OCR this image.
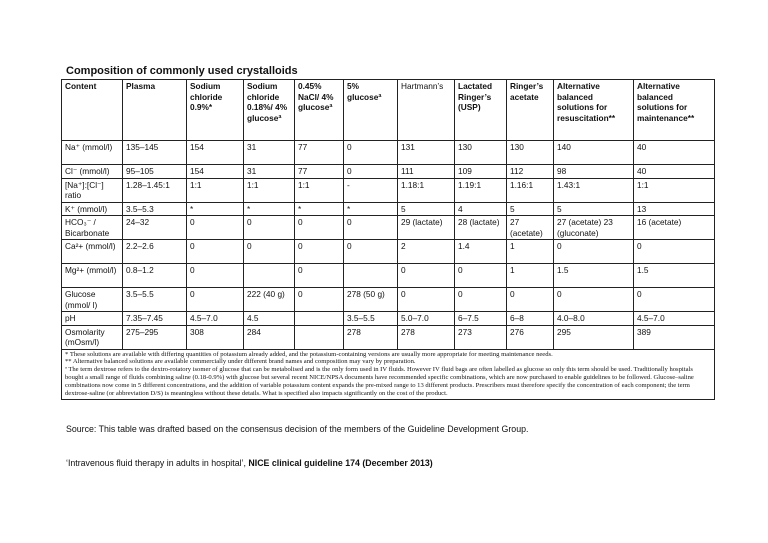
Composition of commonly used crystalloids
Content	Plasma	Sodium chloride 0.9%*	Sodium chloride 0.18%/ 4% glucoseª	0.45% NaCl/ 4% glucoseª	5% glucoseª	Hartmann’s	Lactated Ringer’s (USP)	Ringer’s acetate	Alternative balanced solutions for resuscitation**	Alternative balanced solutions for maintenance**
Na⁺ (mmol/l)	135–145	154	31	77	0	131	130	130	140	40
Cl⁻ (mmol/l)	95–105	154	31	77	0	111	109	112	98	40
[Na⁺]:[Cl⁻] ratio	1.28–1.45:1	1:1	1:1	1:1	-	1.18:1	1.19:1	1.16:1	1.43:1	1:1
K⁺ (mmol/l)	3.5–5.3	*	*	*	*	5	4	5	5	13
HCO₃⁻ / Bicarbonate	24–32	0	0	0	0	29 (lactate)	28 (lactate)	27 (acetate)	27 (acetate) 23 (gluconate)	16 (acetate)
Ca²+ (mmol/l)	2.2–2.6	0	0	0	0	2	1.4	1	0	0
Mg²+ (mmol/l)	0.8–1.2	0		0		0	0	1	1.5	1.5
Glucose (mmol/ l)	3.5–5.5	0	222 (40 g)	0	278 (50 g)	0	0	0	0	0
pH	7.35–7.45	4.5–7.0	4.5		3.5–5.5	5.0–7.0	6–7.5	6–8	4.0–8.0	4.5–7.0
Osmolarity (mOsm/l)	275–295	308	284		278	278	273	276	295	389

* These solutions are available with differing quantities of potassium already added, and the potassium-containing versions are usually more appropriate for meeting maintenance needs.
** Alternative balanced solutions are available commercially under different brand names and composition may vary by preparation.
ª The term dextrose refers to the dextro-rotatory isomer of glucose that can be metabolised and is the only form used in IV fluids. However IV fluid bags are often labelled as glucose so only this term should be used. Traditionally hospitals bought a small range of fluids combining saline (0.18-0.9%) with glucose but several recent NICE/NPSA documents have recommended specific combinations, which are now purchased to enable guidelines to be followed. Glucose–saline combinations now come in 5 different concentrations, and the addition of variable potassium content expands the pre-mixed range to 13 different products. Prescribers must therefore specify the concentration of each component; the term dextrose-saline (or abbreviation D/S) is meaningless without these details. What is specified also impacts significantly on the cost of the product.										

Source: This table was drafted based on the consensus decision of the members of the Guideline Development Group.

‘Intravenous fluid therapy in adults in hospital’, NICE clinical guideline 174 (December 2013)
